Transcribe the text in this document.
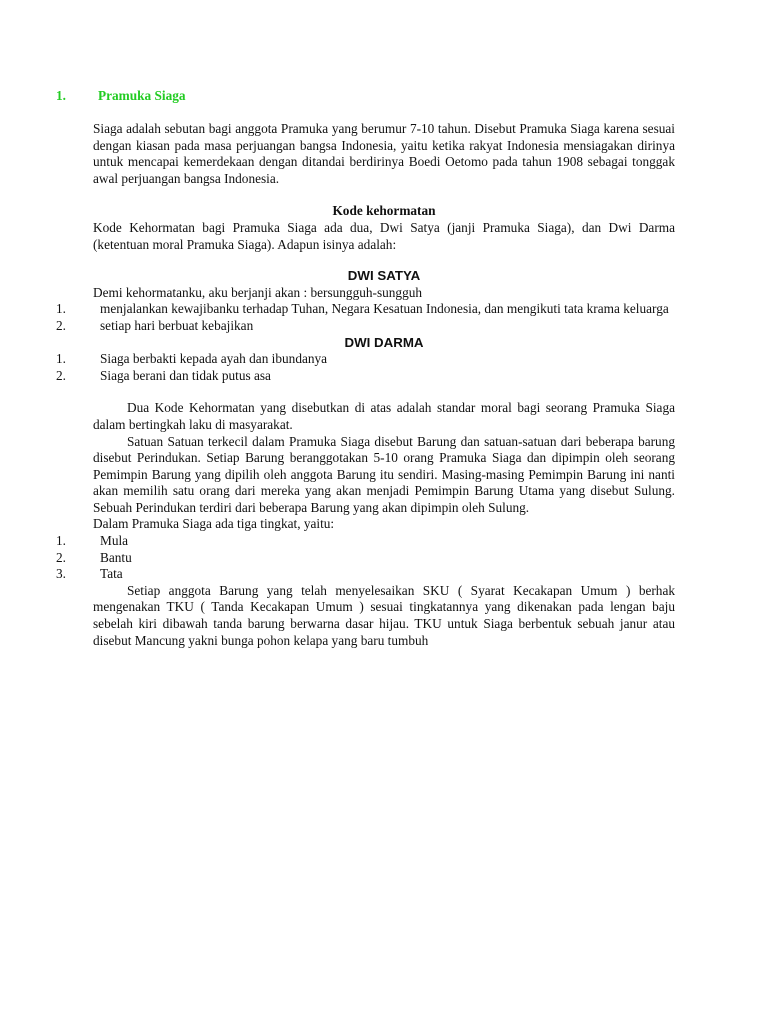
1. Pramuka Siaga

Siaga adalah sebutan bagi anggota Pramuka yang berumur 7-10 tahun. Disebut Pramuka Siaga karena sesuai dengan kiasan pada masa perjuangan bangsa Indonesia, yaitu ketika rakyat Indonesia mensiagakan dirinya untuk mencapai kemerdekaan dengan ditandai berdirinya Boedi Oetomo pada tahun 1908 sebagai tonggak awal perjuangan bangsa Indonesia.

Kode kehormatan

Kode Kehormatan bagi Pramuka Siaga ada dua, Dwi Satya (janji Pramuka Siaga), dan Dwi Darma (ketentuan moral Pramuka Siaga). Adapun isinya adalah:

DWI SATYA

Demi kehormatanku, aku berjanji akan : bersungguh-sungguh

1.	menjalankan kewajibanku terhadap Tuhan, Negara Kesatuan Indonesia, dan mengikuti tata krama keluarga
2.	setiap hari berbuat kebajikan

DWI DARMA

1.	Siaga berbakti kepada ayah dan ibundanya
2.	Siaga berani dan tidak putus asa

Dua Kode Kehormatan yang disebutkan di atas adalah standar moral bagi seorang Pramuka Siaga dalam bertingkah laku di masyarakat.

Satuan Satuan terkecil dalam Pramuka Siaga disebut Barung dan satuan-satuan dari beberapa barung disebut Perindukan. Setiap Barung beranggotakan 5-10 orang Pramuka Siaga dan dipimpin oleh seorang Pemimpin Barung yang dipilih oleh anggota Barung itu sendiri. Masing-masing Pemimpin Barung ini nanti akan memilih satu orang dari mereka yang akan menjadi Pemimpin Barung Utama yang disebut Sulung. Sebuah Perindukan terdiri dari beberapa Barung yang akan dipimpin oleh Sulung.

Dalam Pramuka Siaga ada tiga tingkat, yaitu:

1.	Mula
2.	Bantu
3.	Tata

Setiap anggota Barung yang telah menyelesaikan SKU ( Syarat Kecakapan Umum ) berhak mengenakan TKU ( Tanda Kecakapan Umum ) sesuai tingkatannya yang dikenakan pada lengan baju sebelah kiri dibawah tanda barung berwarna dasar hijau. TKU untuk Siaga berbentuk sebuah janur atau disebut Mancung yakni bunga pohon kelapa yang baru tumbuh
